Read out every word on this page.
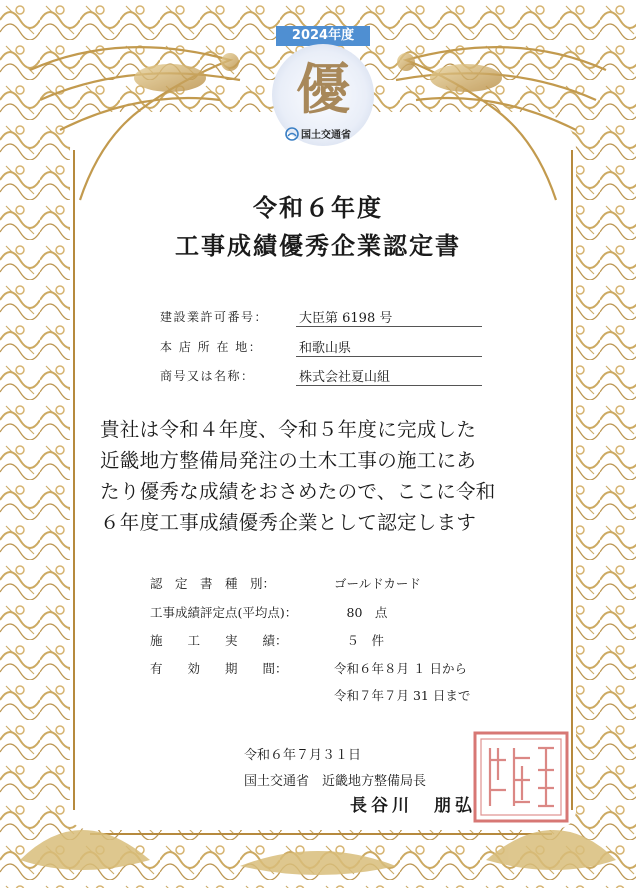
2024年度
優
国土交通省
令和６年度
工事成績優秀企業認定書
建設業許可番号：	大臣第 6198 号
本 店 所 在 地：	和歌山県
商号又は名称：	株式会社夏山組
貴社は令和４年度、令和５年度に完成した
近畿地方整備局発注の土木工事の施工にあ
たり優秀な成績をおさめたので、ここに令和
６年度工事成績優秀企業として認定します
認　定　書　種　別：	ゴールドカード
工事成績評定点(平均点)：	　80　点
施　　工　　実　　績：	　５　件
有　　効　　期　　間：	令和６年８月 １ 日から
令和７年７月 31 日まで
令和６年７月３１日
国土交通省　近畿地方整備局長
長谷川　朋弘
